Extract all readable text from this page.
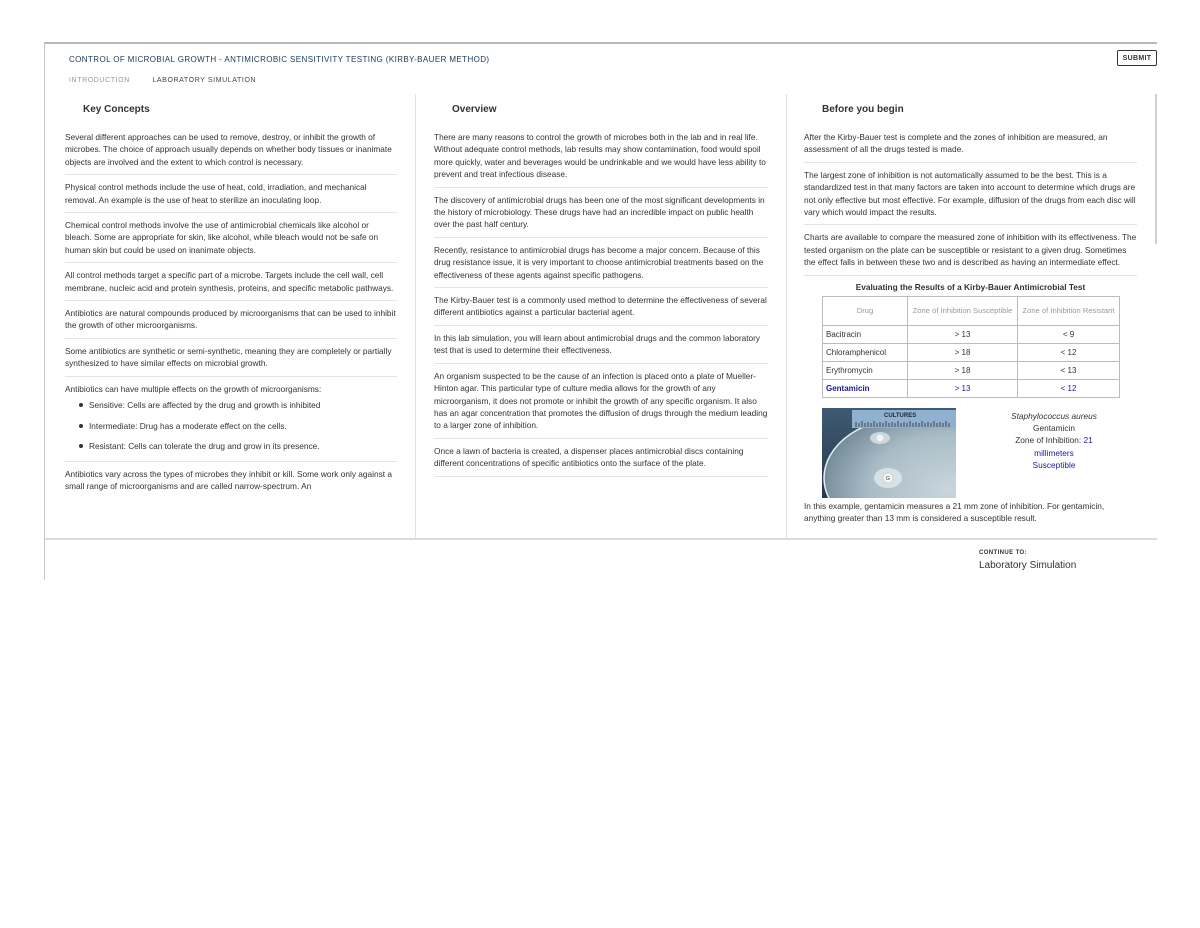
CONTROL OF MICROBIAL GROWTH - ANTIMICROBIC SENSITIVITY TESTING (KIRBY-BAUER METHOD)	SUBMIT
INTRODUCTION	LABORATORY SIMULATION
Key Concepts

Several different approaches can be used to remove, destroy, or inhibit the growth of microbes. The choice of approach usually depends on whether body tissues or inanimate objects are involved and the extent to which control is necessary.

Physical control methods include the use of heat, cold, irradiation, and mechanical removal. An example is the use of heat to sterilize an inoculating loop.

Chemical control methods involve the use of antimicrobial chemicals like alcohol or bleach. Some are appropriate for skin, like alcohol, while bleach would not be safe on human skin but could be used on inanimate objects.

All control methods target a specific part of a microbe. Targets include the cell wall, cell membrane, nucleic acid and protein synthesis, proteins, and specific metabolic pathways.

Antibiotics are natural compounds produced by microorganisms that can be used to inhibit the growth of other microorganisms.

Some antibiotics are synthetic or semi-synthetic, meaning they are completely or partially synthesized to have similar effects on microbial growth.

Antibiotics can have multiple effects on the growth of microorganisms:
Sensitive: Cells are affected by the drug and growth is inhibited
Intermediate: Drug has a moderate effect on the cells.
Resistant: Cells can tolerate the drug and grow in its presence.

Antibiotics vary across the types of microbes they inhibit or kill. Some work only against a small range of microorganisms and are called narrow-spectrum. An

Overview

There are many reasons to control the growth of microbes both in the lab and in real life. Without adequate control methods, lab results may show contamination, food would spoil more quickly, water and beverages would be undrinkable and we would have less ability to prevent and treat infectious disease.

The discovery of antimicrobial drugs has been one of the most significant developments in the history of microbiology. These drugs have had an incredible impact on public health over the past half century.

Recently, resistance to antimicrobial drugs has become a major concern. Because of this drug resistance issue, it is very important to choose antimicrobial treatments based on the effectiveness of these agents against specific pathogens.

The Kirby-Bauer test is a commonly used method to determine the effectiveness of several different antibiotics against a particular bacterial agent.

In this lab simulation, you will learn about antimicrobial drugs and the common laboratory test that is used to determine their effectiveness.

An organism suspected to be the cause of an infection is placed onto a plate of Mueller-Hinton agar. This particular type of culture media allows for the growth of any microorganism, it does not promote or inhibit the growth of any specific organism. It also has an agar concentration that promotes the diffusion of drugs through the medium leading to a larger zone of inhibition.

Once a lawn of bacteria is created, a dispenser places antimicrobial discs containing different concentrations of specific antibiotics onto the surface of the plate.

Before you begin

After the Kirby-Bauer test is complete and the zones of inhibition are measured, an assessment of all the drugs tested is made.

The largest zone of inhibition is not automatically assumed to be the best. This is a standardized test in that many factors are taken into account to determine which drugs are not only effective but most effective. For example, diffusion of the drugs from each disc will vary which would impact the results.

Charts are available to compare the measured zone of inhibition with its effectiveness. The tested organism on the plate can be susceptible or resistant to a given drug. Sometimes the effect falls in between these two and is described as having an intermediate effect.

Evaluating the Results of a Kirby-Bauer Antimicrobial Test
Drug	Zone of Inhibition Susceptible	Zone of Inhibition Resistant
Bacitracin	> 13	< 9
Chloramphenicol	> 18	< 12
Erythromycin	> 18	< 13
Gentamicin	> 13	< 12
CULTURES
G
Staphylococcus aureus
Gentamicin
Zone of Inhibition: 21
millimeters
Susceptible

In this example, gentamicin measures a 21 mm zone of inhibition. For gentamicin, anything greater than 13 mm is considered a susceptible result.

CONTINUE TO:
Laboratory Simulation
